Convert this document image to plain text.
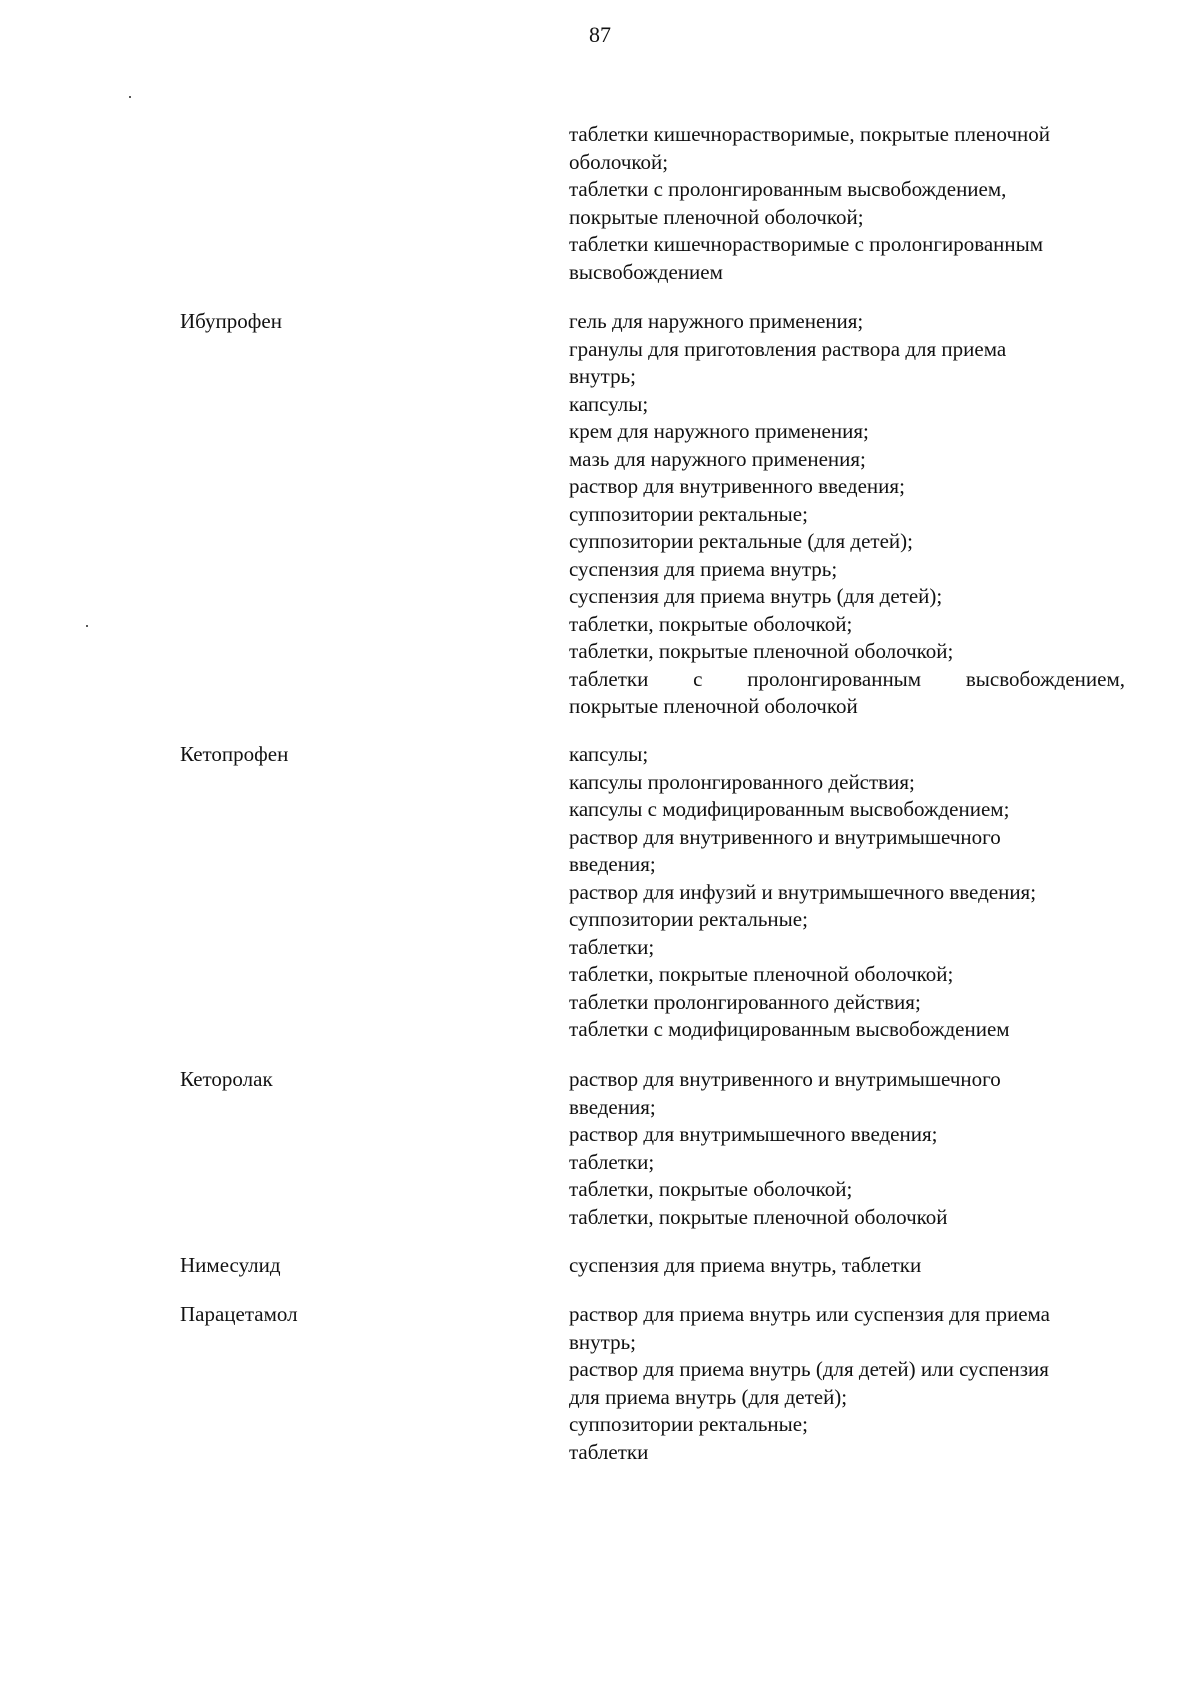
87
таблетки кишечнорастворимые, покрытые пленочной
оболочкой;
таблетки с пролонгированным высвобождением,
покрытые пленочной оболочкой;
таблетки кишечнорастворимые с пролонгированным
высвобождением
Ибупрофен	гель для наружного применения;
гранулы для приготовления раствора для приема
внутрь;
капсулы;
крем для наружного применения;
мазь для наружного применения;
раствор для внутривенного введения;
суппозитории ректальные;
суппозитории ректальные (для детей);
суспензия для приема внутрь;
суспензия для приема внутрь (для детей);
таблетки, покрытые оболочкой;
таблетки, покрытые пленочной оболочкой;
таблетки с пролонгированным высвобождением,
покрытые пленочной оболочкой
Кетопрофен	капсулы;
капсулы пролонгированного действия;
капсулы с модифицированным высвобождением;
раствор для внутривенного и внутримышечного
введения;
раствор для инфузий и внутримышечного введения;
суппозитории ректальные;
таблетки;
таблетки, покрытые пленочной оболочкой;
таблетки пролонгированного действия;
таблетки с модифицированным высвобождением
Кеторолак	раствор для внутривенного и внутримышечного
введения;
раствор для внутримышечного введения;
таблетки;
таблетки, покрытые оболочкой;
таблетки, покрытые пленочной оболочкой
Нимесулид	суспензия для приема внутрь, таблетки
Парацетамол	раствор для приема внутрь или суспензия для приема
внутрь;
раствор для приема внутрь (для детей) или суспензия
для приема внутрь (для детей);
суппозитории ректальные;
таблетки
